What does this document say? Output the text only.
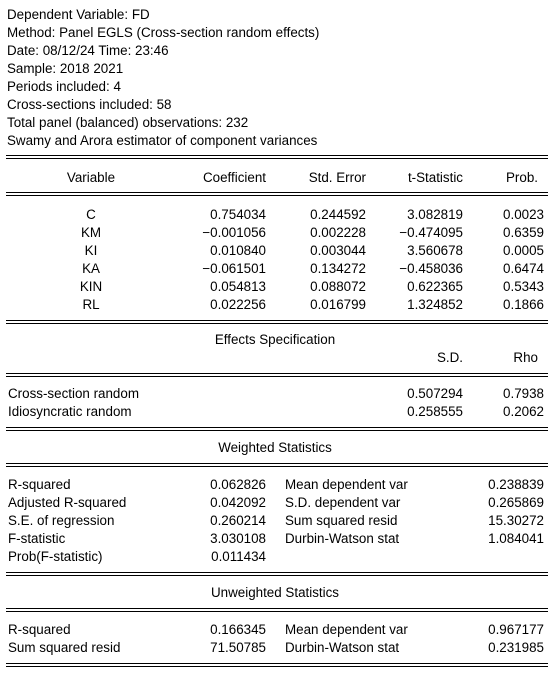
Dependent Variable: FD
Method: Panel EGLS (Cross-section random effects)
Date: 08/12/24 Time: 23:46
Sample: 2018 2021
Periods included: 4
Cross-sections included: 58
Total panel (balanced) observations: 232
Swamy and Arora estimator of component variances
Variable	Coefficient	Std. Error	t-Statistic	Prob.
C	0.754034	0.244592	3.082819	0.0023
KM	−0.001056	0.002228	−0.474095	0.6359
KI	0.010840	0.003044	3.560678	0.0005
KA	−0.061501	0.134272	−0.458036	0.6474
KIN	0.054813	0.088072	0.622365	0.5343
RL	0.022256	0.016799	1.324852	0.1866
Effects Specification
S.D.	Rho
Cross-section random	0.507294	0.7938
Idiosyncratic random	0.258555	0.2062
Weighted Statistics
R-squared	0.062826 Mean dependent var	0.238839
Adjusted R-squared	0.042092 S.D. dependent var	0.265869
S.E. of regression	0.260214 Sum squared resid	15.30272
F-statistic	3.030108 Durbin-Watson stat	1.084041
Prob(F-statistic)	0.011434
Unweighted Statistics
R-squared	0.166345 Mean dependent var	0.967177
Sum squared resid	71.50785 Durbin-Watson stat	0.231985
